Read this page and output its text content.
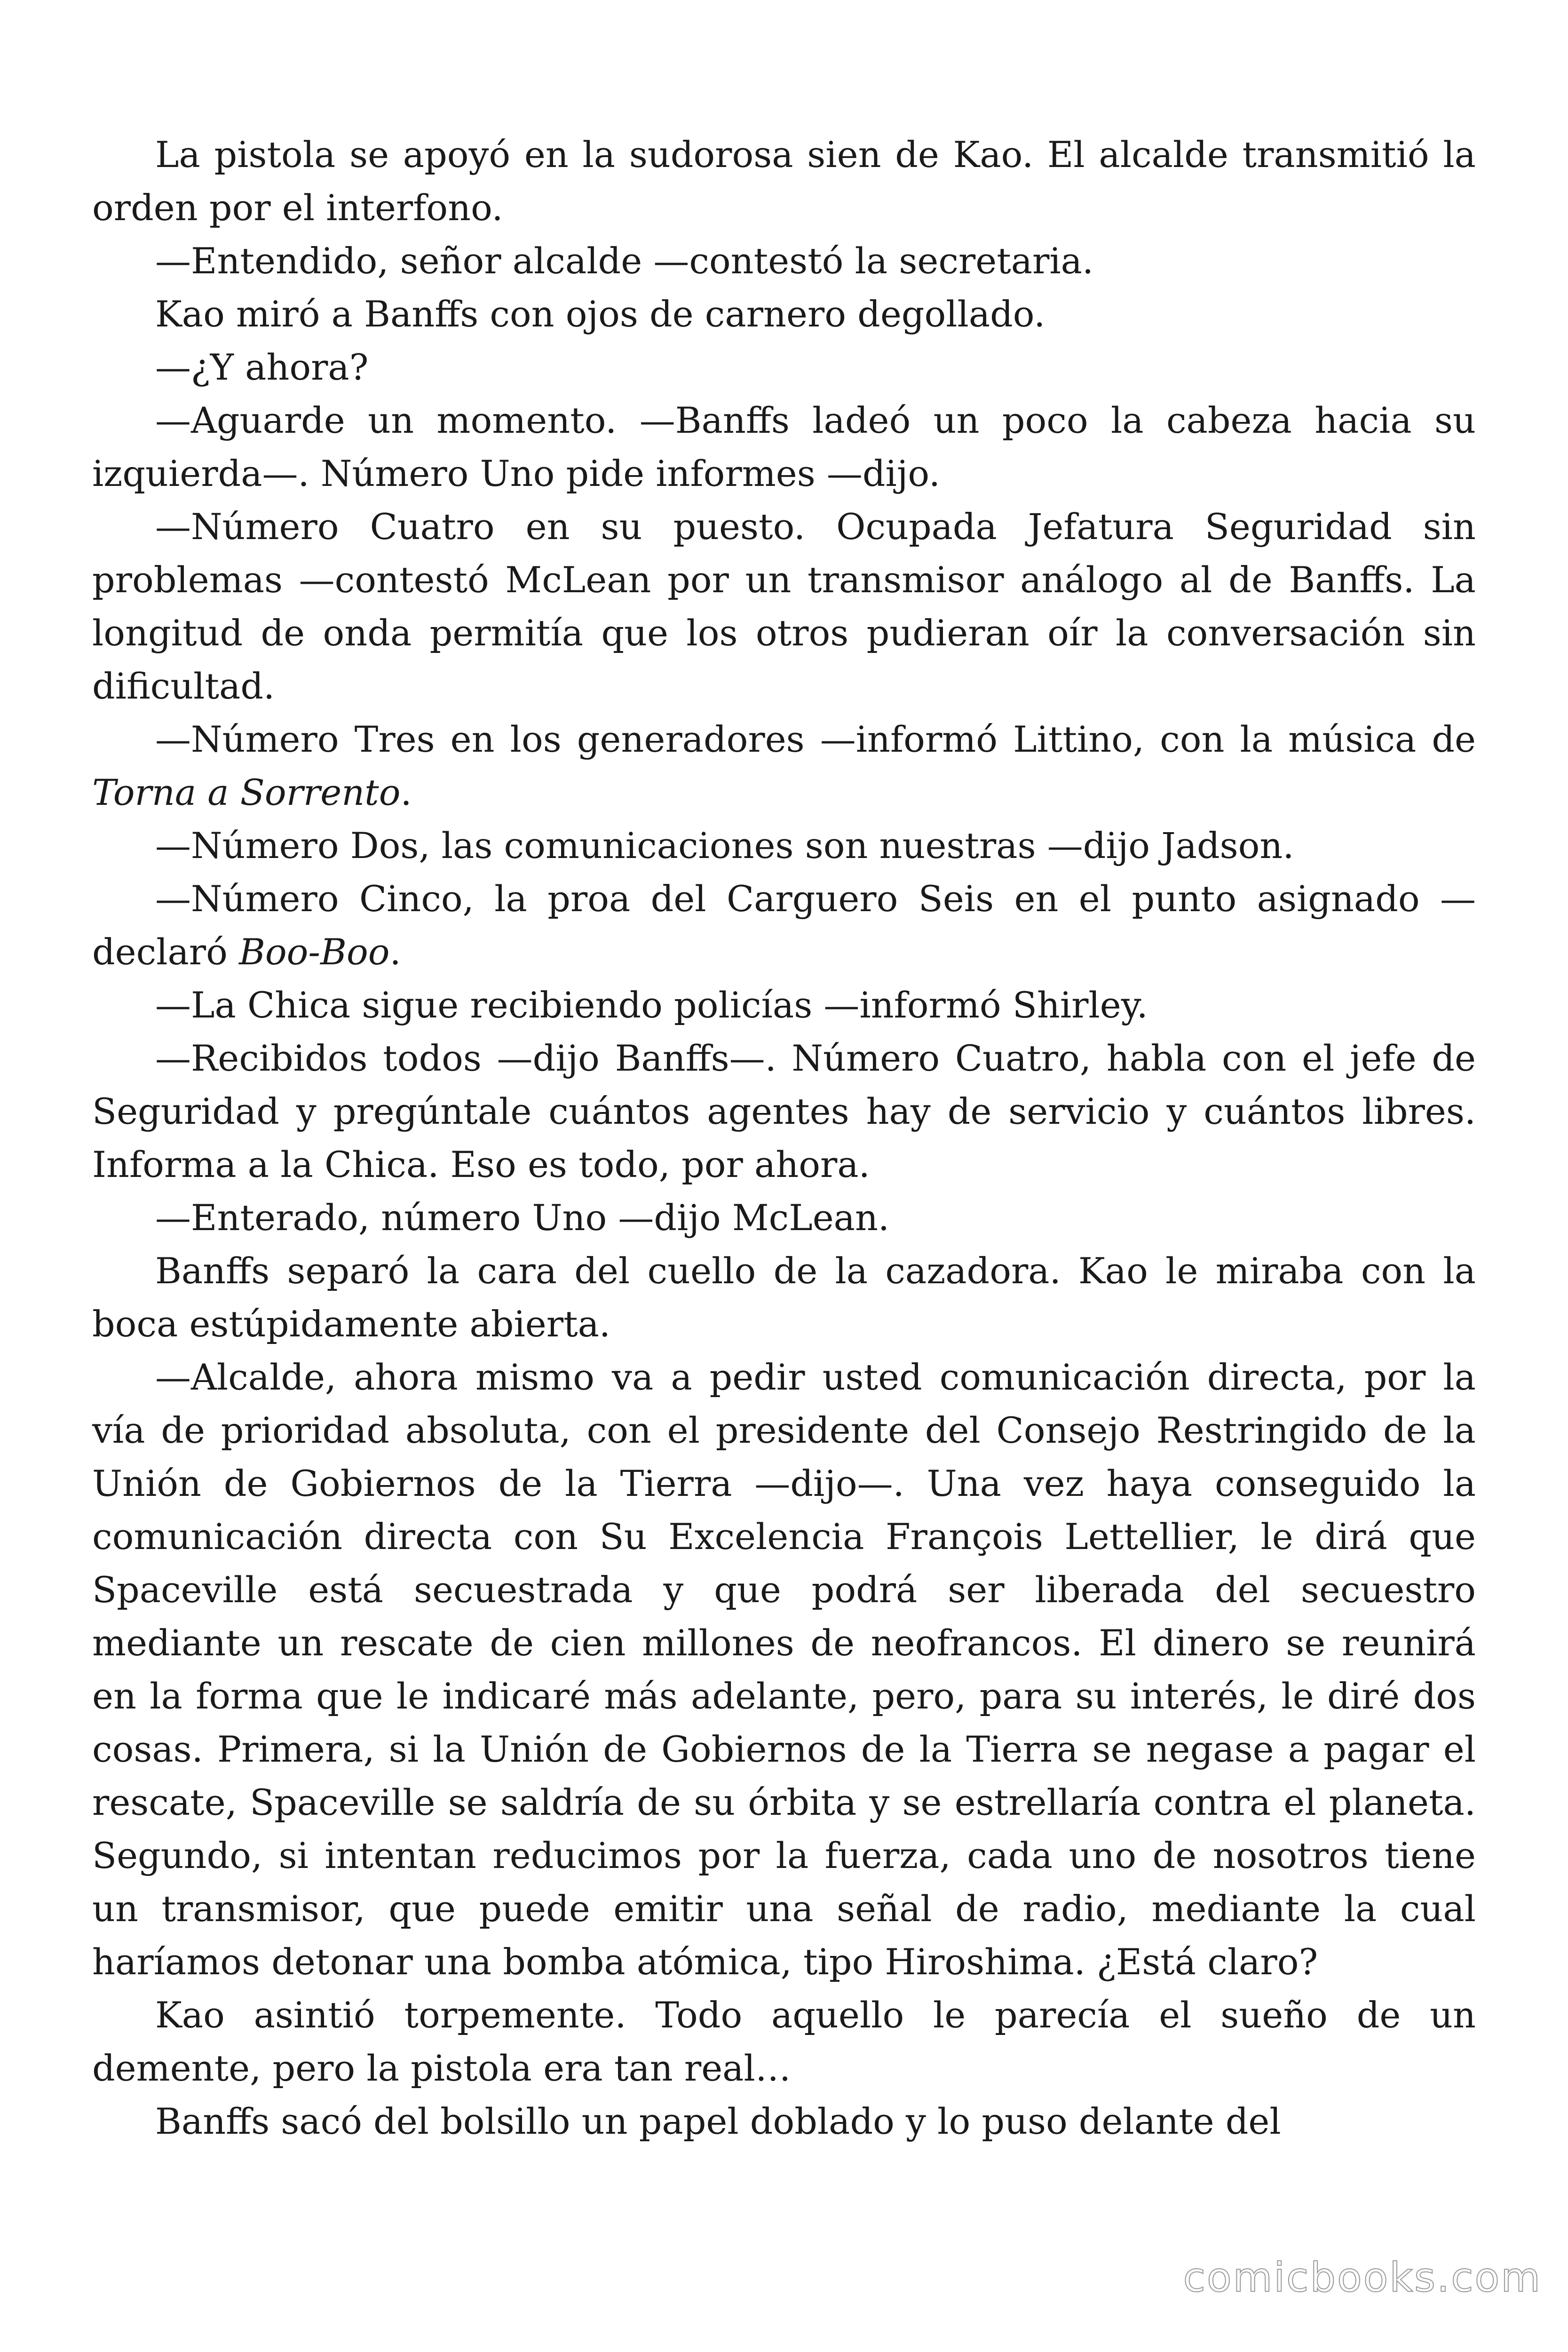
La pistola se apoyó en la sudorosa sien de Kao. El alcalde transmitió la orden por el interfono.

—Entendido, señor alcalde —contestó la secretaria.

Kao miró a Banffs con ojos de carnero degollado.

—¿Y ahora?

—Aguarde un momento. —Banffs ladeó un poco la cabeza hacia su izquierda—. Número Uno pide informes —dijo.

—Número Cuatro en su puesto. Ocupada Jefatura Seguridad sin problemas —contestó McLean por un transmisor análogo al de Banffs. La longitud de onda permitía que los otros pudieran oír la conversación sin dificultad.

—Número Tres en los generadores —informó Littino, con la música de Torna a Sorrento.

—Número Dos, las comunicaciones son nuestras —dijo Jadson.

—Número Cinco, la proa del Carguero Seis en el punto asignado —declaró Boo-Boo.

—La Chica sigue recibiendo policías —informó Shirley.

—Recibidos todos —dijo Banffs—. Número Cuatro, habla con el jefe de Seguridad y pregúntale cuántos agentes hay de servicio y cuántos libres. Informa a la Chica. Eso es todo, por ahora.

—Enterado, número Uno —dijo McLean.

Banffs separó la cara del cuello de la cazadora. Kao le miraba con la boca estúpidamente abierta.

—Alcalde, ahora mismo va a pedir usted comunicación directa, por la vía de prioridad absoluta, con el presidente del Consejo Restringido de la Unión de Gobiernos de la Tierra —dijo—. Una vez haya conseguido la comunicación directa con Su Excelencia François Lettellier, le dirá que Spaceville está secuestrada y que podrá ser liberada del secuestro mediante un rescate de cien millones de neofrancos. El dinero se reunirá en la forma que le indicaré más adelante, pero, para su interés, le diré dos cosas. Primera, si la Unión de Gobiernos de la Tierra se negase a pagar el rescate, Spaceville se saldría de su órbita y se estrellaría contra el planeta. Segundo, si intentan reducimos por la fuerza, cada uno de nosotros tiene un transmisor, que puede emitir una señal de radio, mediante la cual haríamos detonar una bomba atómica, tipo Hiroshima. ¿Está claro?

Kao asintió torpemente. Todo aquello le parecía el sueño de un demente, pero la pistola era tan real…

Banffs sacó del bolsillo un papel doblado y lo puso delante del

comicbooks.com
